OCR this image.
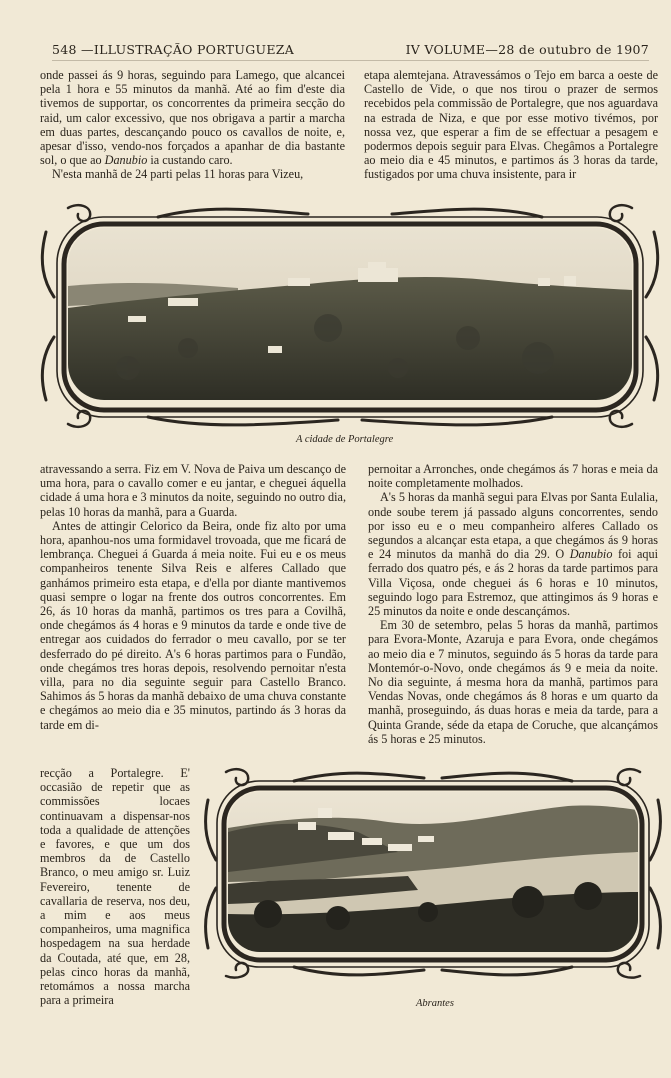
548 —ILLUSTRAÇÃO PORTUGUEZA	IV VOLUME—28 de outubro de 1907

onde passei ás 9 horas, seguindo para Lamego, que alcancei pela 1 hora e 55 minutos da manhã. Até ao fim d'este dia tivemos de supportar, os concorrentes da primeira secção do raid, um calor excessivo, que nos obrigava a partir a marcha em duas partes, descançando pouco os cavallos de noite, e, apesar d'isso, vendo-nos forçados a apanhar de dia bastante sol, o que ao Danubio ia custando caro.

N'esta manhã de 24 parti pelas 11 horas para Vizeu,

etapa alemtejana. Atravessámos o Tejo em barca a oeste de Castello de Vide, o que nos tirou o prazer de sermos recebidos pela commissão de Portalegre, que nos aguardava na estrada de Niza, e que por esse motivo tivémos, por nossa vez, que esperar a fim de se effectuar a pesagem e podermos depois seguir para Elvas. Chegâmos a Portalegre ao meio dia e 45 minutos, e partimos ás 3 horas da tarde, fustigados por uma chuva insistente, para ir

A cidade de Portalegre

atravessando a serra. Fiz em V. Nova de Paiva um descanço de uma hora, para o cavallo comer e eu jantar, e cheguei áquella cidade á uma hora e 3 minutos da noite, seguindo no outro dia, pelas 10 horas da manhã, para a Guarda.

Antes de attingir Celorico da Beira, onde fiz alto por uma hora, apanhou-nos uma formidavel trovoada, que me ficará de lembrança. Cheguei á Guarda á meia noite. Fui eu e os meus companheiros tenente Silva Reis e alferes Callado que ganhámos primeiro esta etapa, e d'ella por diante mantivemos quasi sempre o logar na frente dos outros concorrentes. Em 26, ás 10 horas da manhã, partimos os tres para a Covilhã, onde chegámos ás 4 horas e 9 minutos da tarde e onde tive de entregar aos cuidados do ferrador o meu cavallo, por se ter desferrado do pé direito. A's 6 horas partimos para o Fundão, onde chegámos tres horas depois, resolvendo pernoitar n'esta villa, para no dia seguinte seguir para Castello Branco. Sahimos ás 5 horas da manhã debaixo de uma chuva constante e chegámos ao meio dia e 35 minutos, partindo ás 3 horas da tarde em di-

recção a Portalegre. E' occasião de repetir que as commissões locaes continuavam a dispensar-nos toda a qualidade de attenções e favores, e que um dos membros da de Castello Branco, o meu amigo sr. Luiz Fevereiro, tenente de cavallaria de reserva, nos deu, a mim e aos meus companheiros, uma magnifica hospedagem na sua herdade da Coutada, até que, em 28, pelas cinco horas da manhã, retomámos a nossa marcha para a primeira

pernoitar a Arronches, onde chegámos ás 7 horas e meia da noite completamente molhados.

A's 5 horas da manhã segui para Elvas por Santa Eulalia, onde soube terem já passado alguns concorrentes, sendo por isso eu e o meu companheiro alferes Callado os segundos a alcançar esta etapa, a que chegámos ás 9 horas e 24 minutos da manhã do dia 29. O Danubio foi aqui ferrado dos quatro pés, e ás 2 horas da tarde partimos para Villa Viçosa, onde cheguei ás 6 horas e 10 minutos, seguindo logo para Estremoz, que attingimos ás 9 horas e 25 minutos da noite e onde descançámos.

Em 30 de setembro, pelas 5 horas da manhã, partimos para Evora-Monte, Azaruja e para Evora, onde chegámos ao meio dia e 7 minutos, seguindo ás 5 horas da tarde para Montemór-o-Novo, onde chegámos ás 9 e meia da noite. No dia seguinte, á mesma hora da manhã, partimos para Vendas Novas, onde chegámos ás 8 horas e um quarto da manhã, proseguindo, ás duas horas e meia da tarde, para a Quinta Grande, séde da etapa de Coruche, que alcançámos ás 5 horas e 25 minutos.

Abrantes
